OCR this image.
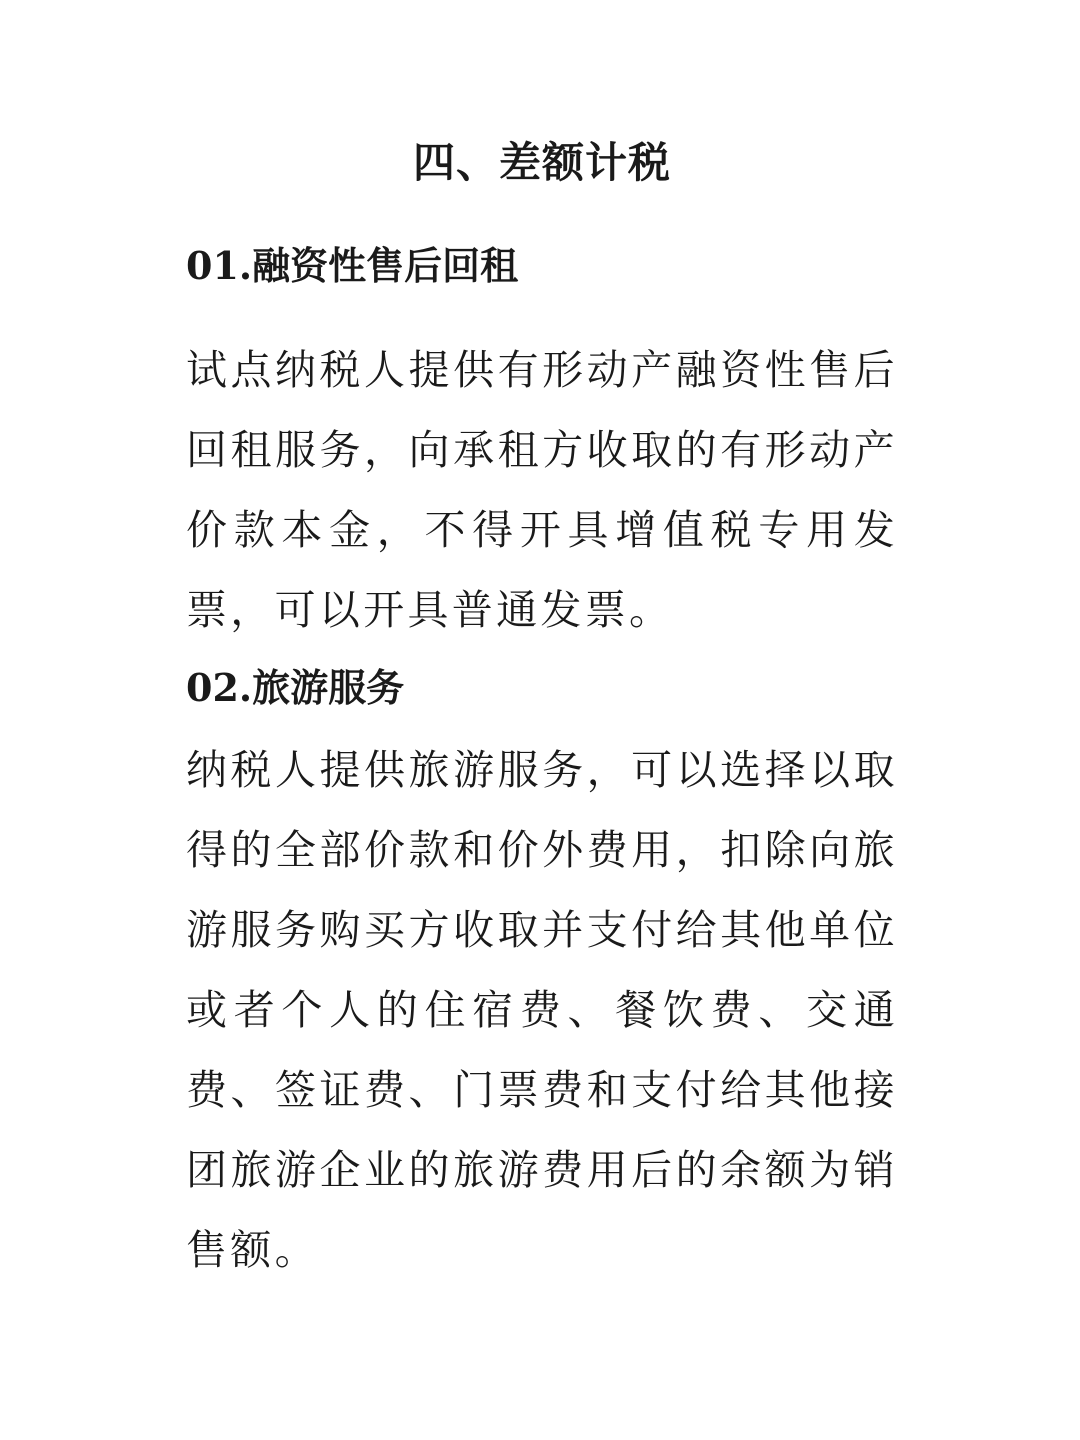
四、差额计税
01.融资性售后回租

试点纳税人提供有形动产融资性售后回租服务，向承租方收取的有形动产价款本金，不得开具增值税专用发票，可以开具普通发票。

02.旅游服务

纳税人提供旅游服务，可以选择以取得的全部价款和价外费用，扣除向旅游服务购买方收取并支付给其他单位或者个人的住宿费、餐饮费、交通费、签证费、门票费和支付给其他接团旅游企业的旅游费用后的余额为销售额。
